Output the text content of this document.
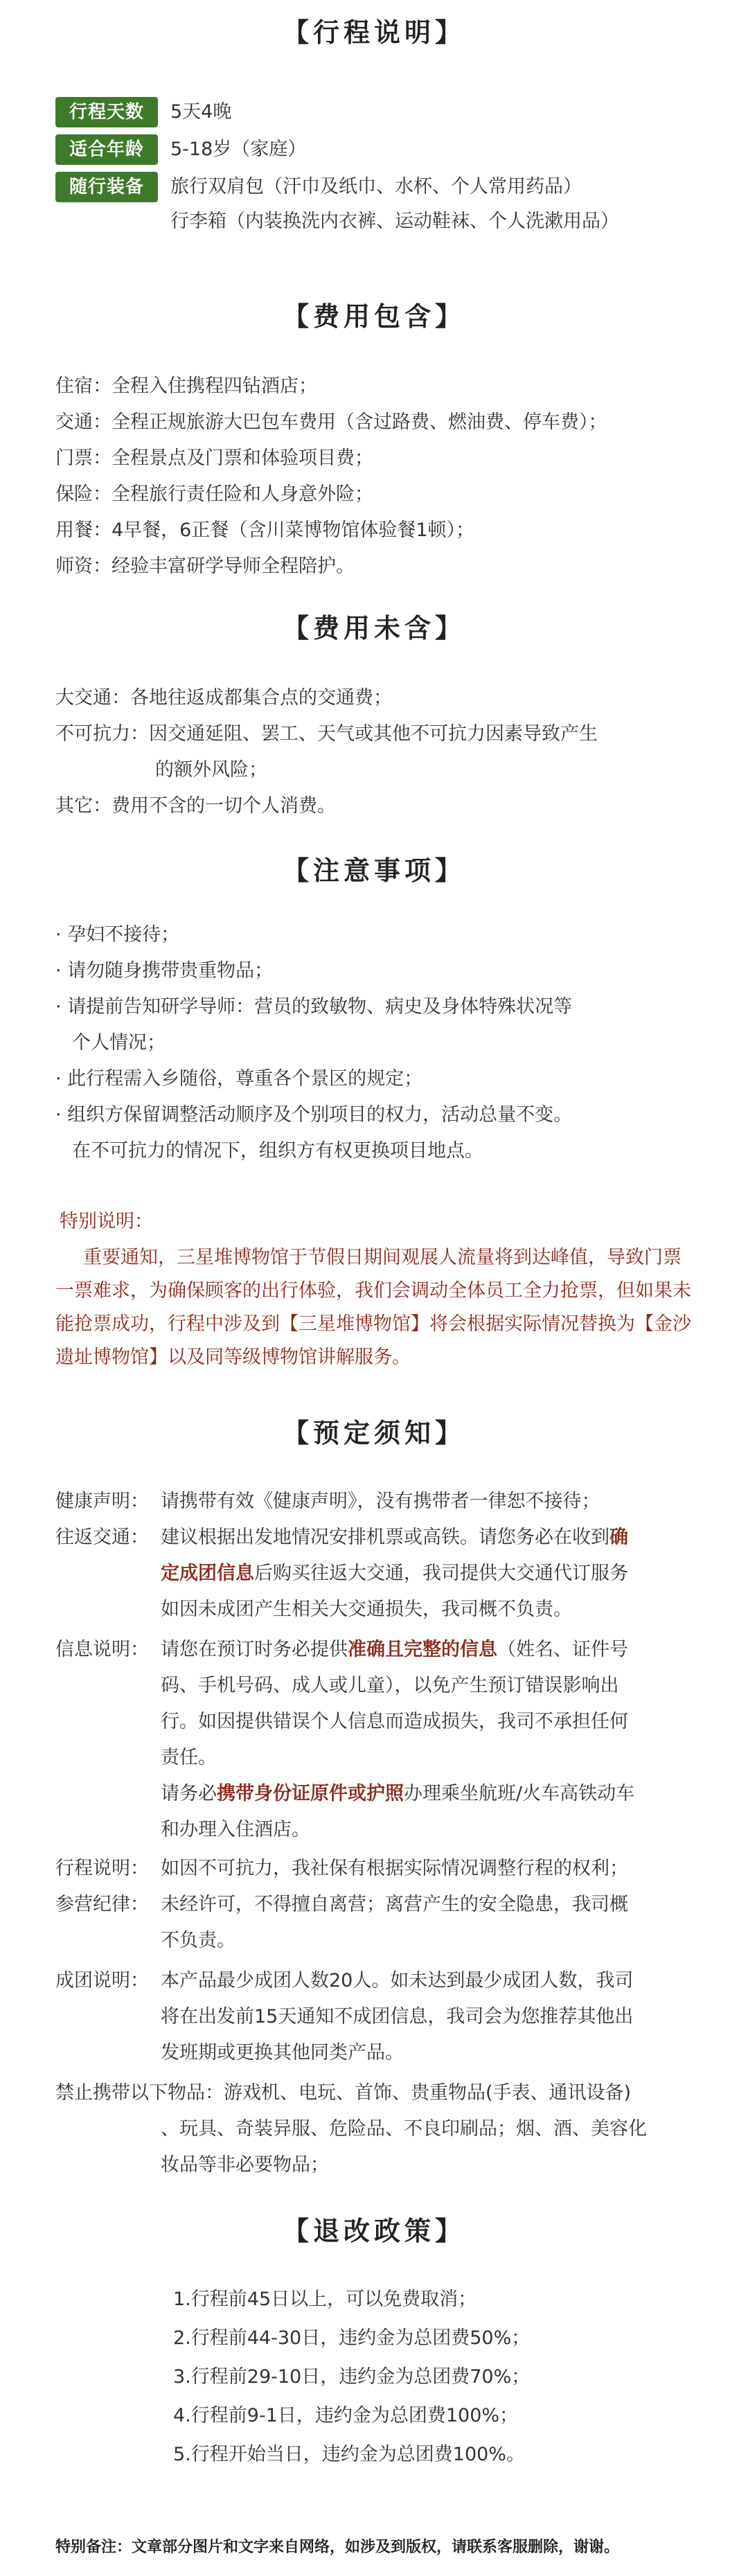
【行程说明】
行程天数	5天4晚
适合年龄	5-18岁（家庭）
随行装备	旅行双肩包（汗巾及纸巾、水杯、个人常用药品）
行李箱（内装换洗内衣裤、运动鞋袜、个人洗漱用品）
【费用包含】
住宿：全程入住携程四钻酒店；
交通：全程正规旅游大巴包车费用（含过路费、燃油费、停车费）；
门票：全程景点及门票和体验项目费；
保险：全程旅行责任险和人身意外险；
用餐：4早餐，6正餐（含川菜博物馆体验餐1顿）；
师资：经验丰富研学导师全程陪护。
【费用未含】
大交通：各地往返成都集合点的交通费；
不可抗力：因交通延阻、罢工、天气或其他不可抗力因素导致产生
的额外风险；
其它：费用不含的一切个人消费。
【注意事项】
· 孕妇不接待；
· 请勿随身携带贵重物品；
· 请提前告知研学导师：营员的致敏物、病史及身体特殊状况等
个人情况；
· 此行程需入乡随俗，尊重各个景区的规定；
· 组织方保留调整活动顺序及个别项目的权力，活动总量不变。
在不可抗力的情况下，组织方有权更换项目地点。
特别说明：
重要通知，三星堆博物馆于节假日期间观展人流量将到达峰值，导致门票一票难求，为确保顾客的出行体验，我们会调动全体员工全力抢票，但如果未能抢票成功，行程中涉及到【三星堆博物馆】将会根据实际情况替换为【金沙遗址博物馆】以及同等级博物馆讲解服务。
【预定须知】
健康声明： 请携带有效《健康声明》，没有携带者一律恕不接待；
往返交通： 建议根据出发地情况安排机票或高铁。请您务必在收到确
定成团信息后购买往返大交通，我司提供大交通代订服务
如因未成团产生相关大交通损失，我司概不负责。
信息说明： 请您在预订时务必提供准确且完整的信息（姓名、证件号
码、手机号码、成人或儿童），以免产生预订错误影响出
行。如因提供错误个人信息而造成损失，我司不承担任何
责任。
请务必携带身份证原件或护照办理乘坐航班/火车高铁动车
和办理入住酒店。
行程说明： 如因不可抗力，我社保有根据实际情况调整行程的权利；
参营纪律： 未经许可，不得擅自离营；离营产生的安全隐患，我司概
不负责。
成团说明： 本产品最少成团人数20人。如未达到最少成团人数，我司
将在出发前15天通知不成团信息，我司会为您推荐其他出
发班期或更换其他同类产品。
禁止携带以下物品：游戏机、电玩、首饰、贵重物品(手表、通讯设备)
、玩具、奇装异服、危险品、不良印刷品；烟、酒、美容化
妆品等非必要物品；
【退改政策】
1.行程前45日以上，可以免费取消；
2.行程前44-30日，违约金为总团费50%；
3.行程前29-10日，违约金为总团费70%；
4.行程前9-1日，违约金为总团费100%；
5.行程开始当日，违约金为总团费100%。
特别备注：文章部分图片和文字来自网络，如涉及到版权，请联系客服删除，谢谢。
